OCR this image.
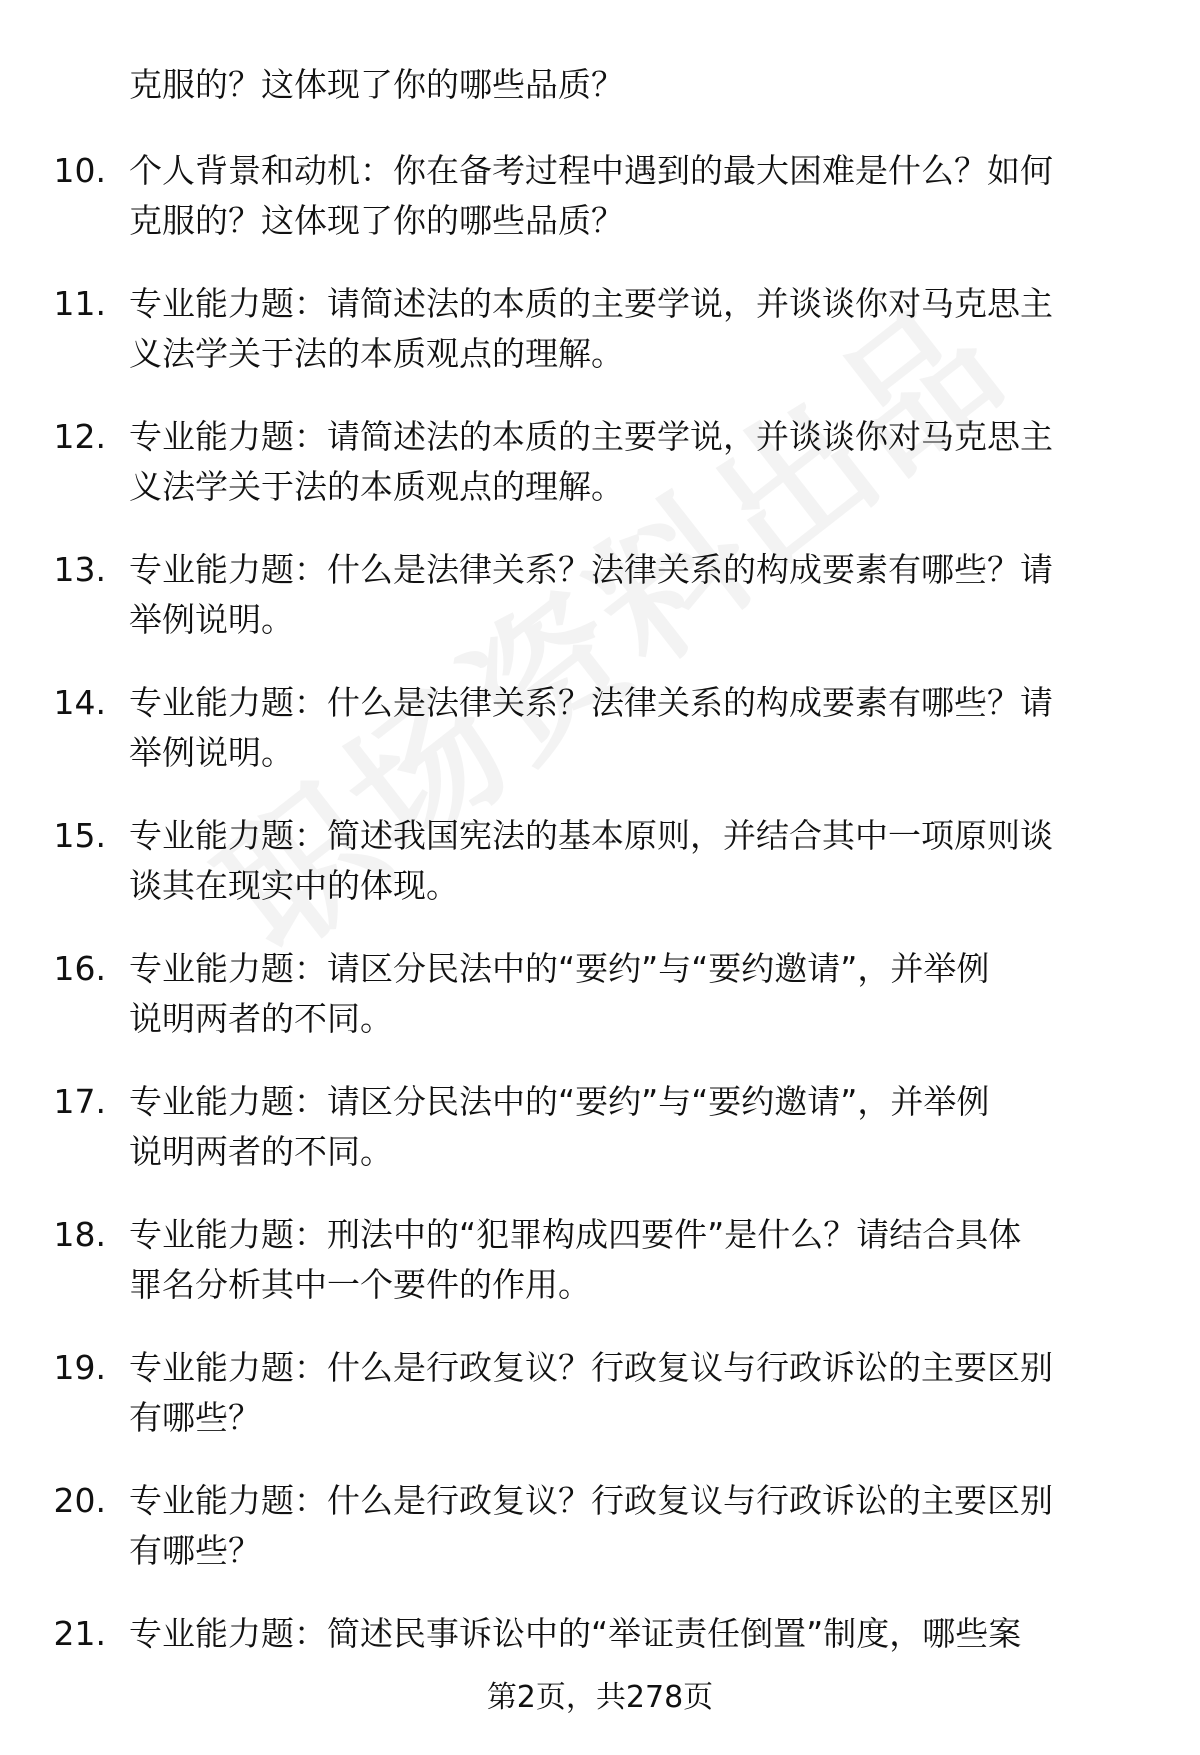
克服的？这体现了你的哪些品质？
10. 个人背景和动机：你在备考过程中遇到的最大困难是什么？如何
克服的？这体现了你的哪些品质？
11. 专业能力题：请简述法的本质的主要学说，并谈谈你对马克思主
义法学关于法的本质观点的理解。
12. 专业能力题：请简述法的本质的主要学说，并谈谈你对马克思主
义法学关于法的本质观点的理解。
13. 专业能力题：什么是法律关系？法律关系的构成要素有哪些？请
举例说明。
14. 专业能力题：什么是法律关系？法律关系的构成要素有哪些？请
举例说明。
15. 专业能力题：简述我国宪法的基本原则，并结合其中一项原则谈
谈其在现实中的体现。
16. 专业能力题：请区分民法中的“要约”与“要约邀请”，并举例
说明两者的不同。
17. 专业能力题：请区分民法中的“要约”与“要约邀请”，并举例
说明两者的不同。
18. 专业能力题：刑法中的“犯罪构成四要件”是什么？请结合具体
罪名分析其中一个要件的作用。
19. 专业能力题：什么是行政复议？行政复议与行政诉讼的主要区别
有哪些？
20. 专业能力题：什么是行政复议？行政复议与行政诉讼的主要区别
有哪些？
21. 专业能力题：简述民事诉讼中的“举证责任倒置”制度，哪些案
第2页，共278页
